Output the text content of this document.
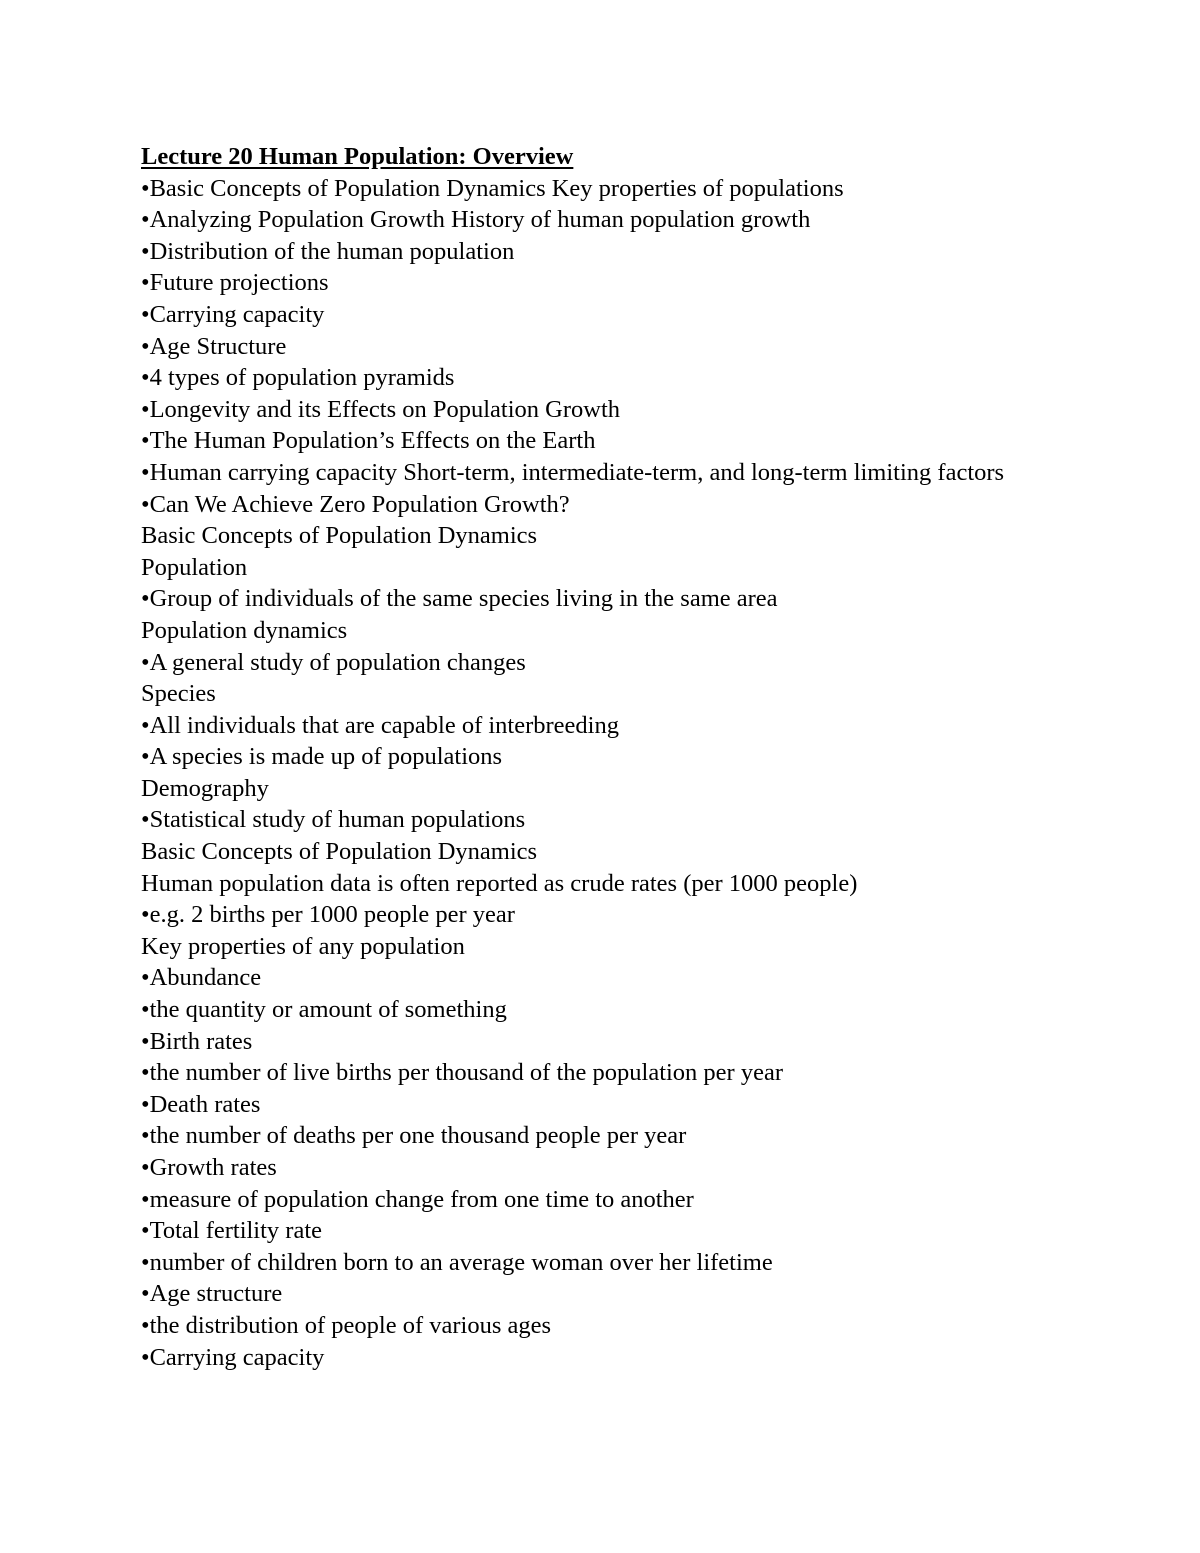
Lecture 20 Human Population: Overview

•Basic Concepts of Population Dynamics Key properties of populations

•Analyzing Population Growth History of human population growth

•Distribution of the human population

•Future projections

•Carrying capacity

•Age Structure

•4 types of population pyramids

•Longevity and its Effects on Population Growth

•The Human Population’s Effects on the Earth

•Human carrying capacity Short-term, intermediate-term, and long-term limiting factors

•Can We Achieve Zero Population Growth?

Basic Concepts of Population Dynamics

Population

•Group of individuals of the same species living in the same area

Population dynamics

•A general study of population changes

Species

•All individuals that are capable of interbreeding

•A species is made up of populations

Demography

•Statistical study of human populations

Basic Concepts of Population Dynamics

Human population data is often reported as crude rates (per 1000 people)

•e.g. 2 births per 1000 people per year

Key properties of any population

•Abundance

•the quantity or amount of something

•Birth rates

•the number of live births per thousand of the population per year

•Death rates

•the number of deaths per one thousand people per year

•Growth rates

•measure of population change from one time to another

•Total fertility rate

•number of children born to an average woman over her lifetime

•Age structure

•the distribution of people of various ages

•Carrying capacity
